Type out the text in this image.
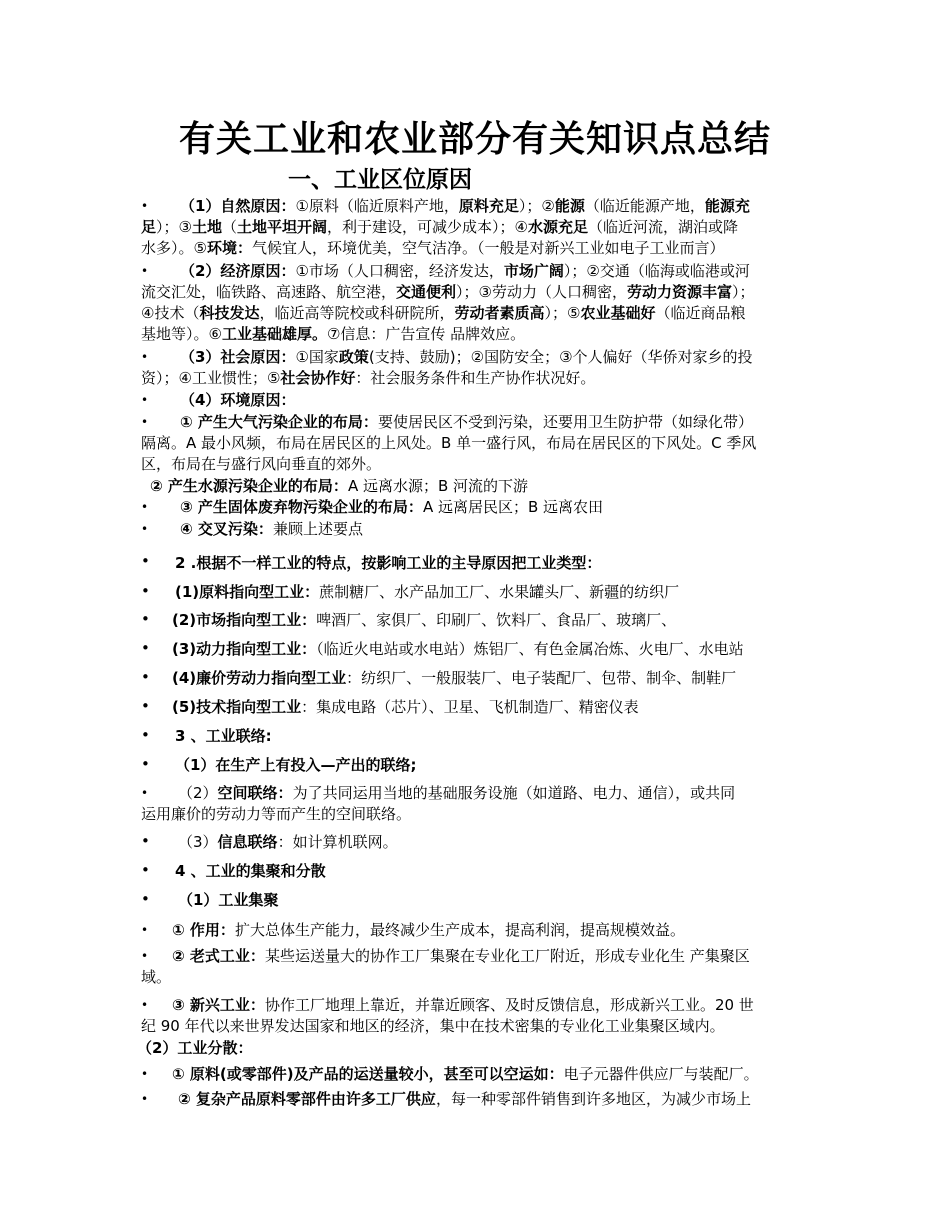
有关工业和农业部分有关知识点总结
一、工业区位原因
• （1）自然原因：①原料（临近原料产地，原料充足）；②能源（临近能源产地，能源充
足）；③土地（土地平坦开阔，利于建设，可减少成本）；④水源充足（临近河流，湖泊或降
水多）。⑤环境：气候宜人，环境优美，空气洁净。（一般是对新兴工业如电子工业而言）
• （2）经济原因：①市场（人口稠密，经济发达，市场广阔）；②交通（临海或临港或河
流交汇处，临铁路、高速路、航空港，交通便利）；③劳动力（人口稠密，劳动力资源丰富）；
④技术（科技发达，临近高等院校或科研院所，劳动者素质高）；⑤农业基础好（临近商品粮
基地等）。⑥工业基础雄厚。⑦信息：广告宣传 品牌效应。
• （3）社会原因：①国家政策(支持、鼓励)；②国防安全；③个人偏好（华侨对家乡的投
资）；④工业惯性；⑤社会协作好：社会服务条件和生产协作状况好。
• （4）环境原因：
• ① 产生大气污染企业的布局：要使居民区不受到污染，还要用卫生防护带（如绿化带）
隔离。A 最小风频，布局在居民区的上风处。B 单一盛行风，布局在居民区的下风处。C 季风
区，布局在与盛行风向垂直的郊外。
② 产生水源污染企业的布局：A 远离水源；B 河流的下游
• ③ 产生固体废弃物污染企业的布局：A 远离居民区；B 远离农田
• ④ 交叉污染：兼顾上述要点
• 2 .根据不一样工业的特点，按影响工业的主导原因把工业类型：
• (1)原料指向型工业：蔗制糖厂、水产品加工厂、水果罐头厂、新疆的纺织厂
• (2)市场指向型工业：啤酒厂、家俱厂、印刷厂、饮料厂、食品厂、玻璃厂、
• (3)动力指向型工业：（临近火电站或水电站）炼铝厂、有色金属冶炼、火电厂、水电站
• (4)廉价劳动力指向型工业：纺织厂、一般服装厂、电子装配厂、包带、制伞、制鞋厂
• (5)技术指向型工业：集成电路（芯片）、卫星、飞机制造厂、精密仪表
• 3 、工业联络:
• （1）在生产上有投入—产出的联络;
• （2）空间联络：为了共同运用当地的基础服务设施（如道路、电力、通信），或共同
运用廉价的劳动力等而产生的空间联络。
• （3）信息联络：如计算机联网。
• 4 、工业的集聚和分散
• （1）工业集聚
• ① 作用：扩大总体生产能力，最终减少生产成本，提高利润，提高规模效益。
• ② 老式工业：某些运送量大的协作工厂集聚在专业化工厂附近，形成专业化生 产集聚区
域。
• ③ 新兴工业：协作工厂地理上靠近，并靠近顾客、及时反馈信息，形成新兴工业。20 世
纪 90 年代以来世界发达国家和地区的经济，集中在技术密集的专业化工业集聚区域内。
（2）工业分散：
• ① 原料(或零部件)及产品的运送量较小，甚至可以空运如：电子元器件供应厂与装配厂。
• ② 复杂产品原料零部件由许多工厂供应，每一种零部件销售到许多地区，为减少市场上
